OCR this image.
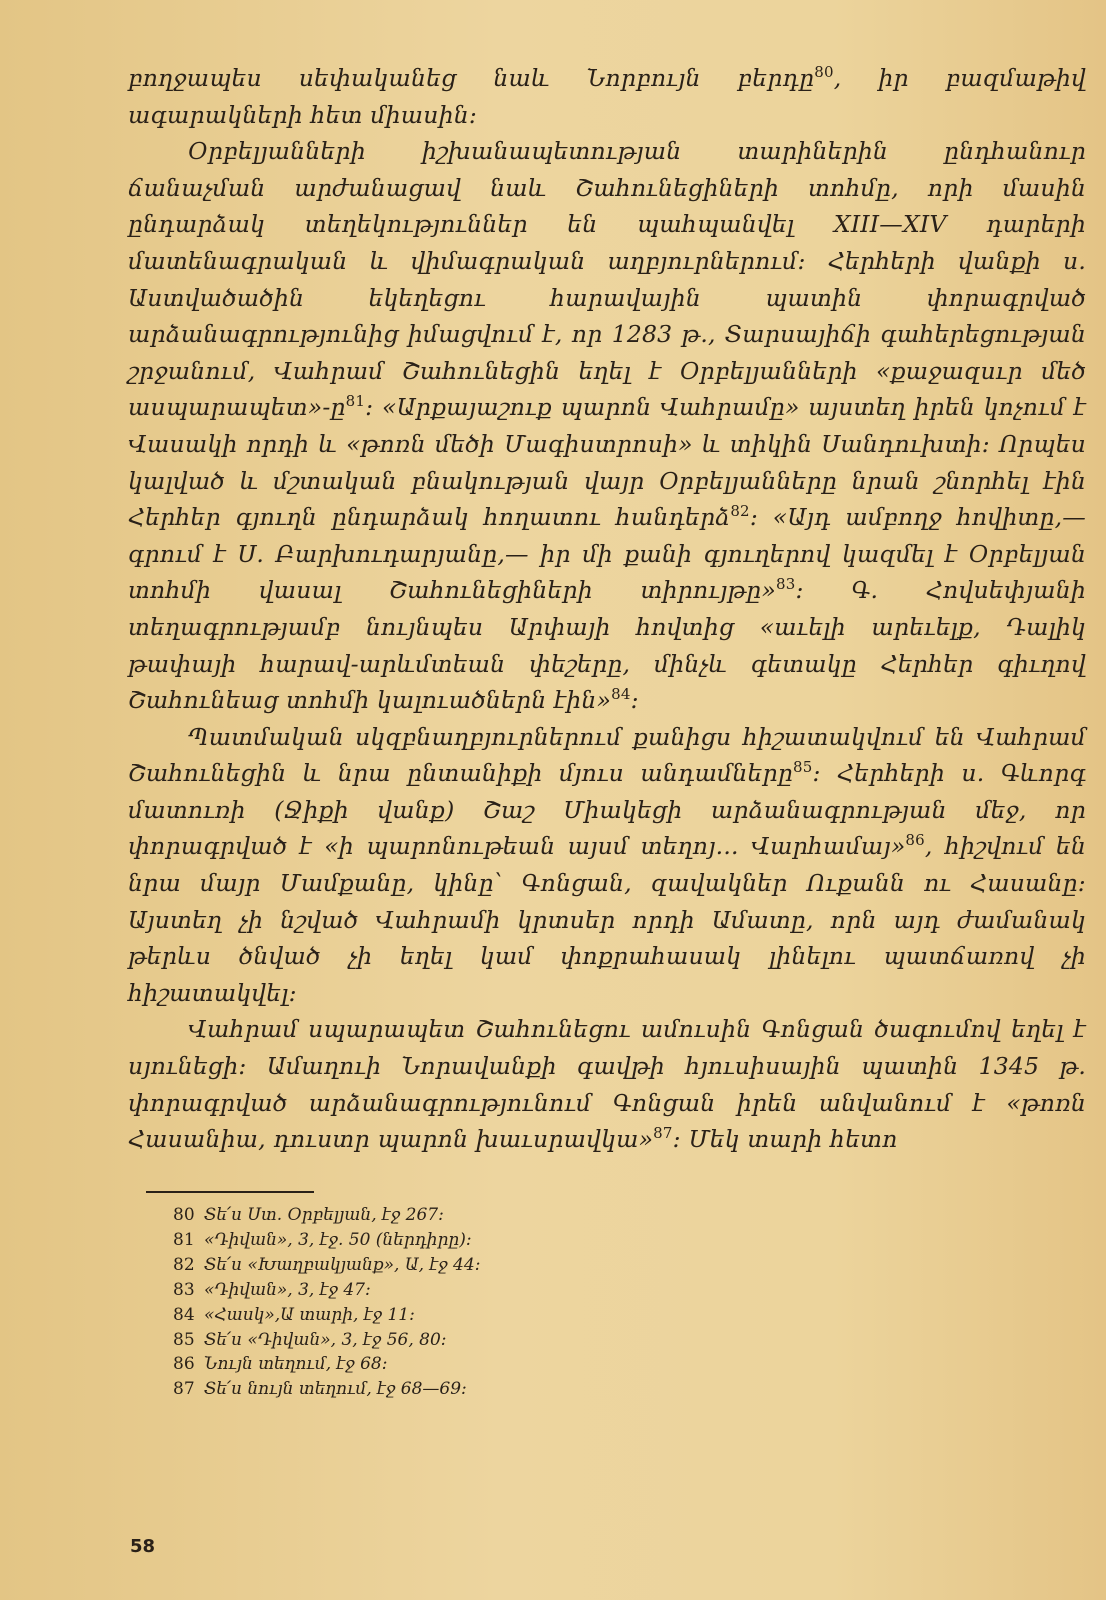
բողջապես սեփականեց նաև Նորբույն բերդը$^{80}$, իր բազմաթիվ ագարակների հետ միասին։

Օրբելյանների իշխանապետության տարիներին ընդհանուր ճանաչման արժանացավ նաև Շահունեցիների տոհմը, որի մասին ընդարձակ տեղեկություններ են պահպանվել XIII—XIV դարերի մատենագրական և վիմագրական աղբյուրներում։ Հերհերի վանքի ս. Աստվածածին եկեղեցու հարավային պատին փորագրված արձանագրությունից իմացվում է, որ 1283 թ., Տարսայիճի գահերեցության շրջանում, Վահրամ Շահունեցին եղել է Օրբելյանների «քաջազսւր մեծ ասպարապետ»-ը$^{81}$։ «Արքայաշուք պարոն Վահրամը» այստեղ իրեն կոչում է Վասակի որդի և «թոռն մեծի Մագիստրոսի» և տիկին Սանդուխտի։ Որպես կալված և մշտական բնակության վայր Օրբելյանները նրան շնորհել էին Հերհեր գյուղն ընդարձակ հողատու հանդերձ$^{82}$։ «Այդ ամբողջ հովիտը,— գրում է Ս. Բարխուդարյանը,— իր մի քանի գյուղերով կազմել է Օրբելյան տոհմի վասալ Շահունեցիների տիրույթը»$^{83}$։ Գ. Հովսեփյանի տեղագրությամբ նույնպես Արփայի հովտից «աւելի արեւելք, Դալիկ թափայի հարավ-արևմտեան փեշերը, մինչև գետակը Հերհեր գիւղով Շահունեաց տոհմի կալուածներն էին»$^{84}$։

Պատմական սկզբնաղբյուրներում քանիցս հիշատակվում են Վահրամ Շահունեցին և նրա ընտանիքի մյուս անդամները$^{85}$։ Հերհերի ս. Գևորգ մատուռի (Ջիքի վանք) Շաշ Միակեցի արձանագրության մեջ, որ փորագրված է «ի պարոնութեան այսմ տեղոյ... Վարհամայ»$^{86}$, հիշվում են նրա մայր Մամքանը, կինը՝ Գոնցան, զավակներ Ուքանն ու Հասանը։ Այստեղ չի նշված Վահրամի կրտսեր որդի Ամատը, որն այդ ժամանակ թերևս ծնված չի եղել կամ փոքրահասակ լինելու պատճառով չի հիշատակվել։

Վահրամ սպարապետ Շահունեցու ամուսին Գոնցան ծագումով եղել է սյունեցի։ Ամաղուի Նորավանքի գավթի հյուսիսային պատին 1345 թ. փորագրված արձանագրությունում Գոնցան իրեն անվանում է «թոռն Հասանիա, դուստր պարոն խաւսրավկա»$^{87}$։ Մեկ տարի հետո

80 Տե՛ս Ստ. Օրբելյան, էջ 267։
81 «Դիվան», 3, էջ. 50 (ներդիրը)։
82 Տե՛ս «Խաղբակյանք», Ա, էջ 44։
83 «Դիվան», 3, էջ 47։
84 «Հասկ»,Ա տարի, էջ 11։
85 Տե՛ս «Դիվան», 3, էջ 56, 80։
86 Նույն տեղում, էջ 68։
87 Տե՛ս նույն տեղում, էջ 68—69։
58
